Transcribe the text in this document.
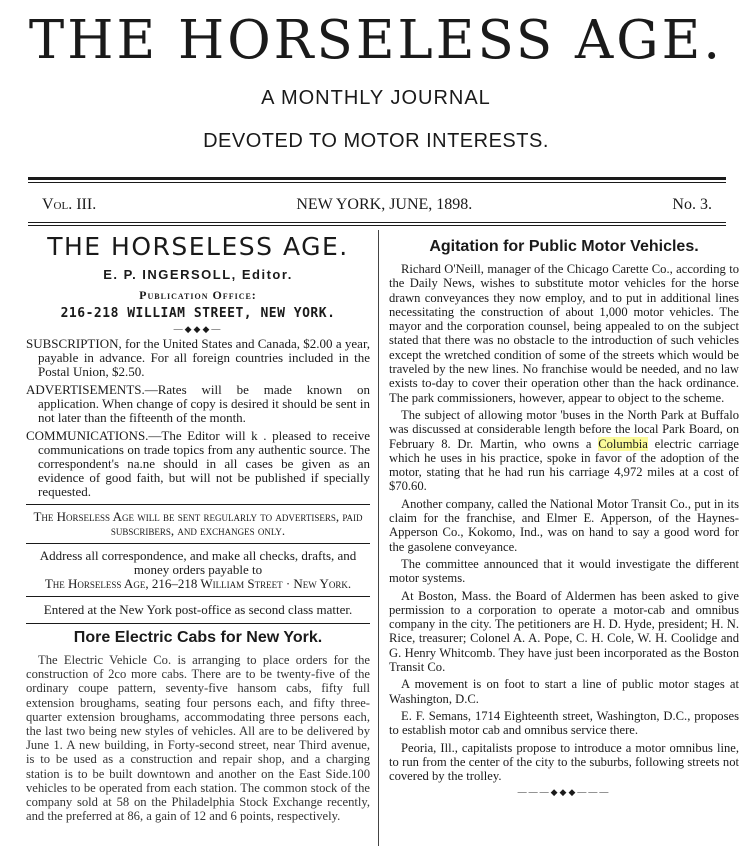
THE HORSELESS AGE.
A MONTHLY JOURNAL
DEVOTED TO MOTOR INTERESTS.
Vol. III.	NEW YORK, JUNE, 1898.	No. 3.
THE HORSELESS AGE.
E. P. INGERSOLL, Editor.
Publication Office:
216-218 WILLIAM STREET, NEW YORK.
—◆◆◆—

SUBSCRIPTION, for the United States and Canada, $2.00 a year, payable in advance. For all foreign countries included in the Postal Union, $2.50.

ADVERTISEMENTS.—Rates will be made known on application. When change of copy is desired it should be sent in not later than the fifteenth of the month.

COMMUNICATIONS.—The Editor will k . pleased to receive communications on trade topics from any authentic source. The correspondent's na.ne should in all cases be given as an evidence of good faith, but will not be published if specially requested.

The Horseless Age will be sent regularly to advertisers, paid subscribers, and exchanges only.

Address all correspondence, and make all checks, drafts, and money orders payable to

The Horseless Age, 216–218 William Street · New York.

Entered at the New York post-office as second class matter.

Πore Electric Cabs for New York.

The Electric Vehicle Co. is arranging to place orders for the construction of 2co more cabs. There are to be twenty-five of the ordinary coupe pattern, seventy-five hansom cabs, fifty full extension broughams, seating four persons each, and fifty three-quarter extension broughams, accommodating three persons each, the last two being new styles of vehicles. All are to be delivered by June 1. A new building, in Forty-second street, near Third avenue, is to be used as a construction and repair shop, and a charging station is to be built downtown and another on the East Side.100 vehicles to be operated from each station. The common stock of the company sold at 58 on the Philadelphia Stock Exchange recently, and the preferred at 86, a gain of 12 and 6 points, respectively.

Agitation for Public Motor Vehicles.

Richard O'Neill, manager of the Chicago Carette Co., according to the Daily News, wishes to substitute motor vehicles for the horse drawn conveyances they now employ, and to put in additional lines necessitating the construction of about 1,000 motor vehicles. The mayor and the corporation counsel, being appealed to on the subject stated that there was no obstacle to the introduction of such vehicles except the wretched condition of some of the streets which would be traveled by the new lines. No franchise would be needed, and no law exists to-day to cover their operation other than the hack ordinance. The park commissioners, however, appear to object to the scheme.

The subject of allowing motor 'buses in the North Park at Buffalo was discussed at considerable length before the local Park Board, on February 8. Dr. Martin, who owns a Columbia electric carriage which he uses in his practice, spoke in favor of the adoption of the motor, stating that he had run his carriage 4,972 miles at a cost of $70.60.

Another company, called the National Motor Transit Co., put in its claim for the franchise, and Elmer E. Apperson, of the Haynes-Apperson Co., Kokomo, Ind., was on hand to say a good word for the gasolene conveyance.

The committee announced that it would investigate the different motor systems.

At Boston, Mass. the Board of Aldermen has been asked to give permission to a corporation to operate a motor-cab and omnibus company in the city. The petitioners are H. D. Hyde, president; H. N. Rice, treasurer; Colonel A. A. Pope, C. H. Cole, W. H. Coolidge and G. Henry Whitcomb. They have just been incorporated as the Boston Transit Co.

A movement is on foot to start a line of public motor stages at Washington, D.C.

E. F. Semans, 1714 Eighteenth street, Washington, D.C., proposes to establish motor cab and omnibus service there.

Peoria, Ill., capitalists propose to introduce a motor omnibus line, to run from the center of the city to the suburbs, following streets not covered by the trolley.

———◆◆◆———
